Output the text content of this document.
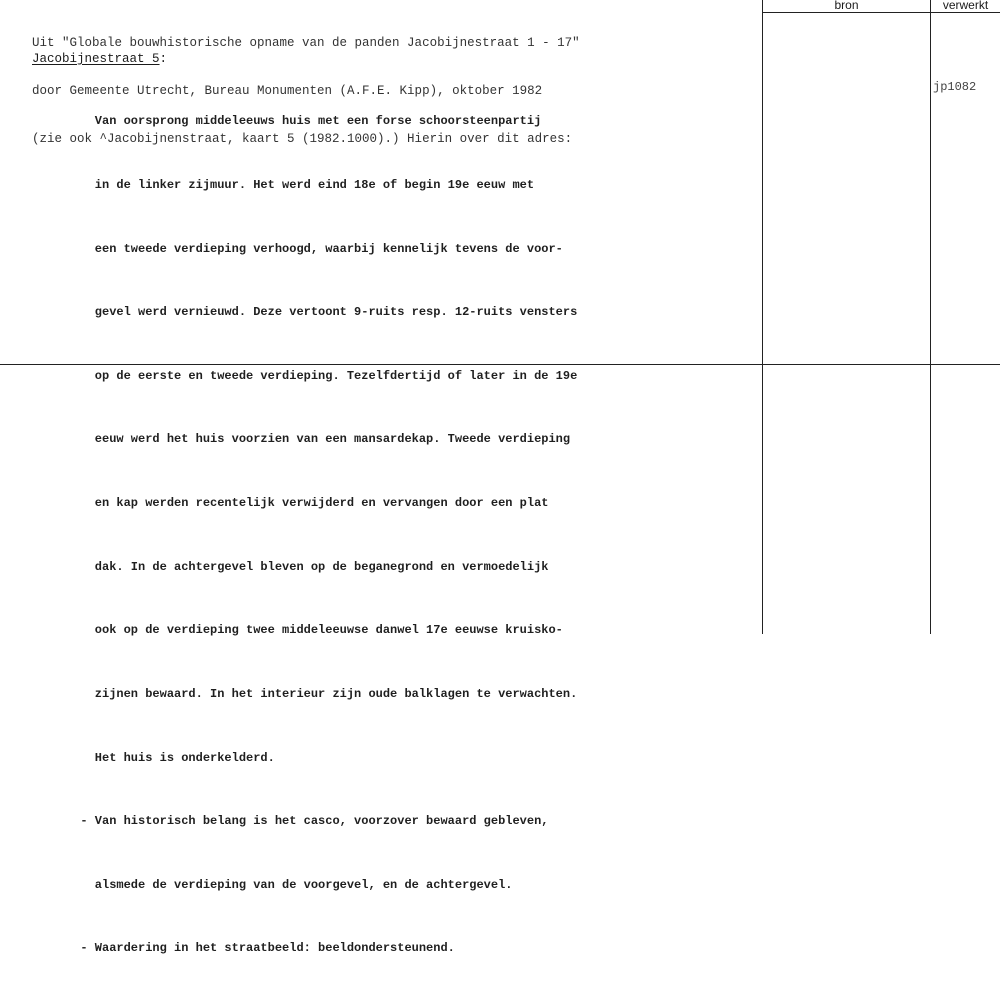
bron	verwerkt

Uit "Globale bouwhistorische opname van de panden Jacobijnestraat 1 - 17"

door Gemeente Utrecht, Bureau Monumenten (A.F.E. Kipp), oktober 1982

(zie ook ^Jacobijnenstraat, kaart 5 (1982.1000).) Hierin over dit adres:

Jacobijnestraat 5:

Van oorsprong middeleeuws huis met een forse schoorsteenpartij

in de linker zijmuur. Het werd eind 18e of begin 19e eeuw met

een tweede verdieping verhoogd, waarbij kennelijk tevens de voor-

gevel werd vernieuwd. Deze vertoont 9-ruits resp. 12-ruits vensters

op de eerste en tweede verdieping. Tezelfdertijd of later in de 19e

eeuw werd het huis voorzien van een mansardekap. Tweede verdieping

en kap werden recentelijk verwijderd en vervangen door een plat

dak. In de achtergevel bleven op de beganegrond en vermoedelijk

ook op de verdieping twee middeleeuwse danwel 17e eeuwse kruisko-

zijnen bewaard. In het interieur zijn oude balklagen te verwachten.

Het huis is onderkelderd.

- Van historisch belang is het casco, voorzover bewaard gebleven,

alsmede de verdieping van de voorgevel, en de achtergevel.

- Waardering in het straatbeeld: beeldondersteunend.

jp1082
